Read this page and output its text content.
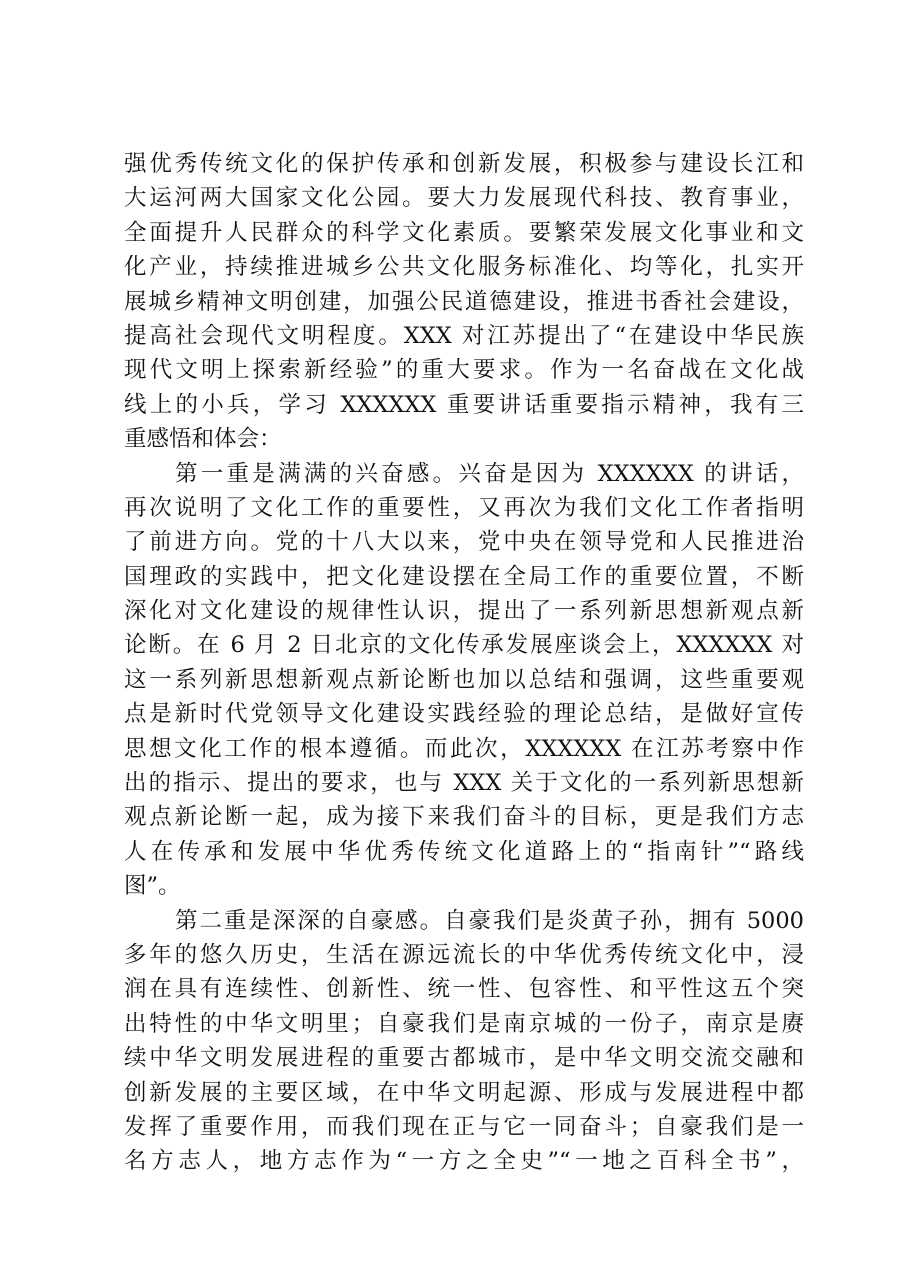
强优秀传统文化的保护传承和创新发展，积极参与建设长江和
大运河两大国家文化公园。要大力发展现代科技、教育事业，
全面提升人民群众的科学文化素质。要繁荣发展文化事业和文
化产业，持续推进城乡公共文化服务标准化、均等化，扎实开
展城乡精神文明创建，加强公民道德建设，推进书香社会建设，
提高社会现代文明程度。XXX 对江苏提出了“在建设中华民族
现代文明上探索新经验”的重大要求。作为一名奋战在文化战
线上的小兵，学习 XXXXXX 重要讲话重要指示精神，我有三
重感悟和体会：
第一重是满满的兴奋感。兴奋是因为 XXXXXX 的讲话，
再次说明了文化工作的重要性，又再次为我们文化工作者指明
了前进方向。党的十八大以来，党中央在领导党和人民推进治
国理政的实践中，把文化建设摆在全局工作的重要位置，不断
深化对文化建设的规律性认识，提出了一系列新思想新观点新
论断。在 6 月 2 日北京的文化传承发展座谈会上，XXXXXX 对
这一系列新思想新观点新论断也加以总结和强调，这些重要观
点是新时代党领导文化建设实践经验的理论总结，是做好宣传
思想文化工作的根本遵循。而此次，XXXXXX 在江苏考察中作
出的指示、提出的要求，也与 XXX 关于文化的一系列新思想新
观点新论断一起，成为接下来我们奋斗的目标，更是我们方志
人在传承和发展中华优秀传统文化道路上的“指南针”“路线
图”。
第二重是深深的自豪感。自豪我们是炎黄子孙，拥有 5000
多年的悠久历史，生活在源远流长的中华优秀传统文化中，浸
润在具有连续性、创新性、统一性、包容性、和平性这五个突
出特性的中华文明里；自豪我们是南京城的一份子，南京是赓
续中华文明发展进程的重要古都城市，是中华文明交流交融和
创新发展的主要区域，在中华文明起源、形成与发展进程中都
发挥了重要作用，而我们现在正与它一同奋斗；自豪我们是一
名方志人，地方志作为“一方之全史”“一地之百科全书”，
